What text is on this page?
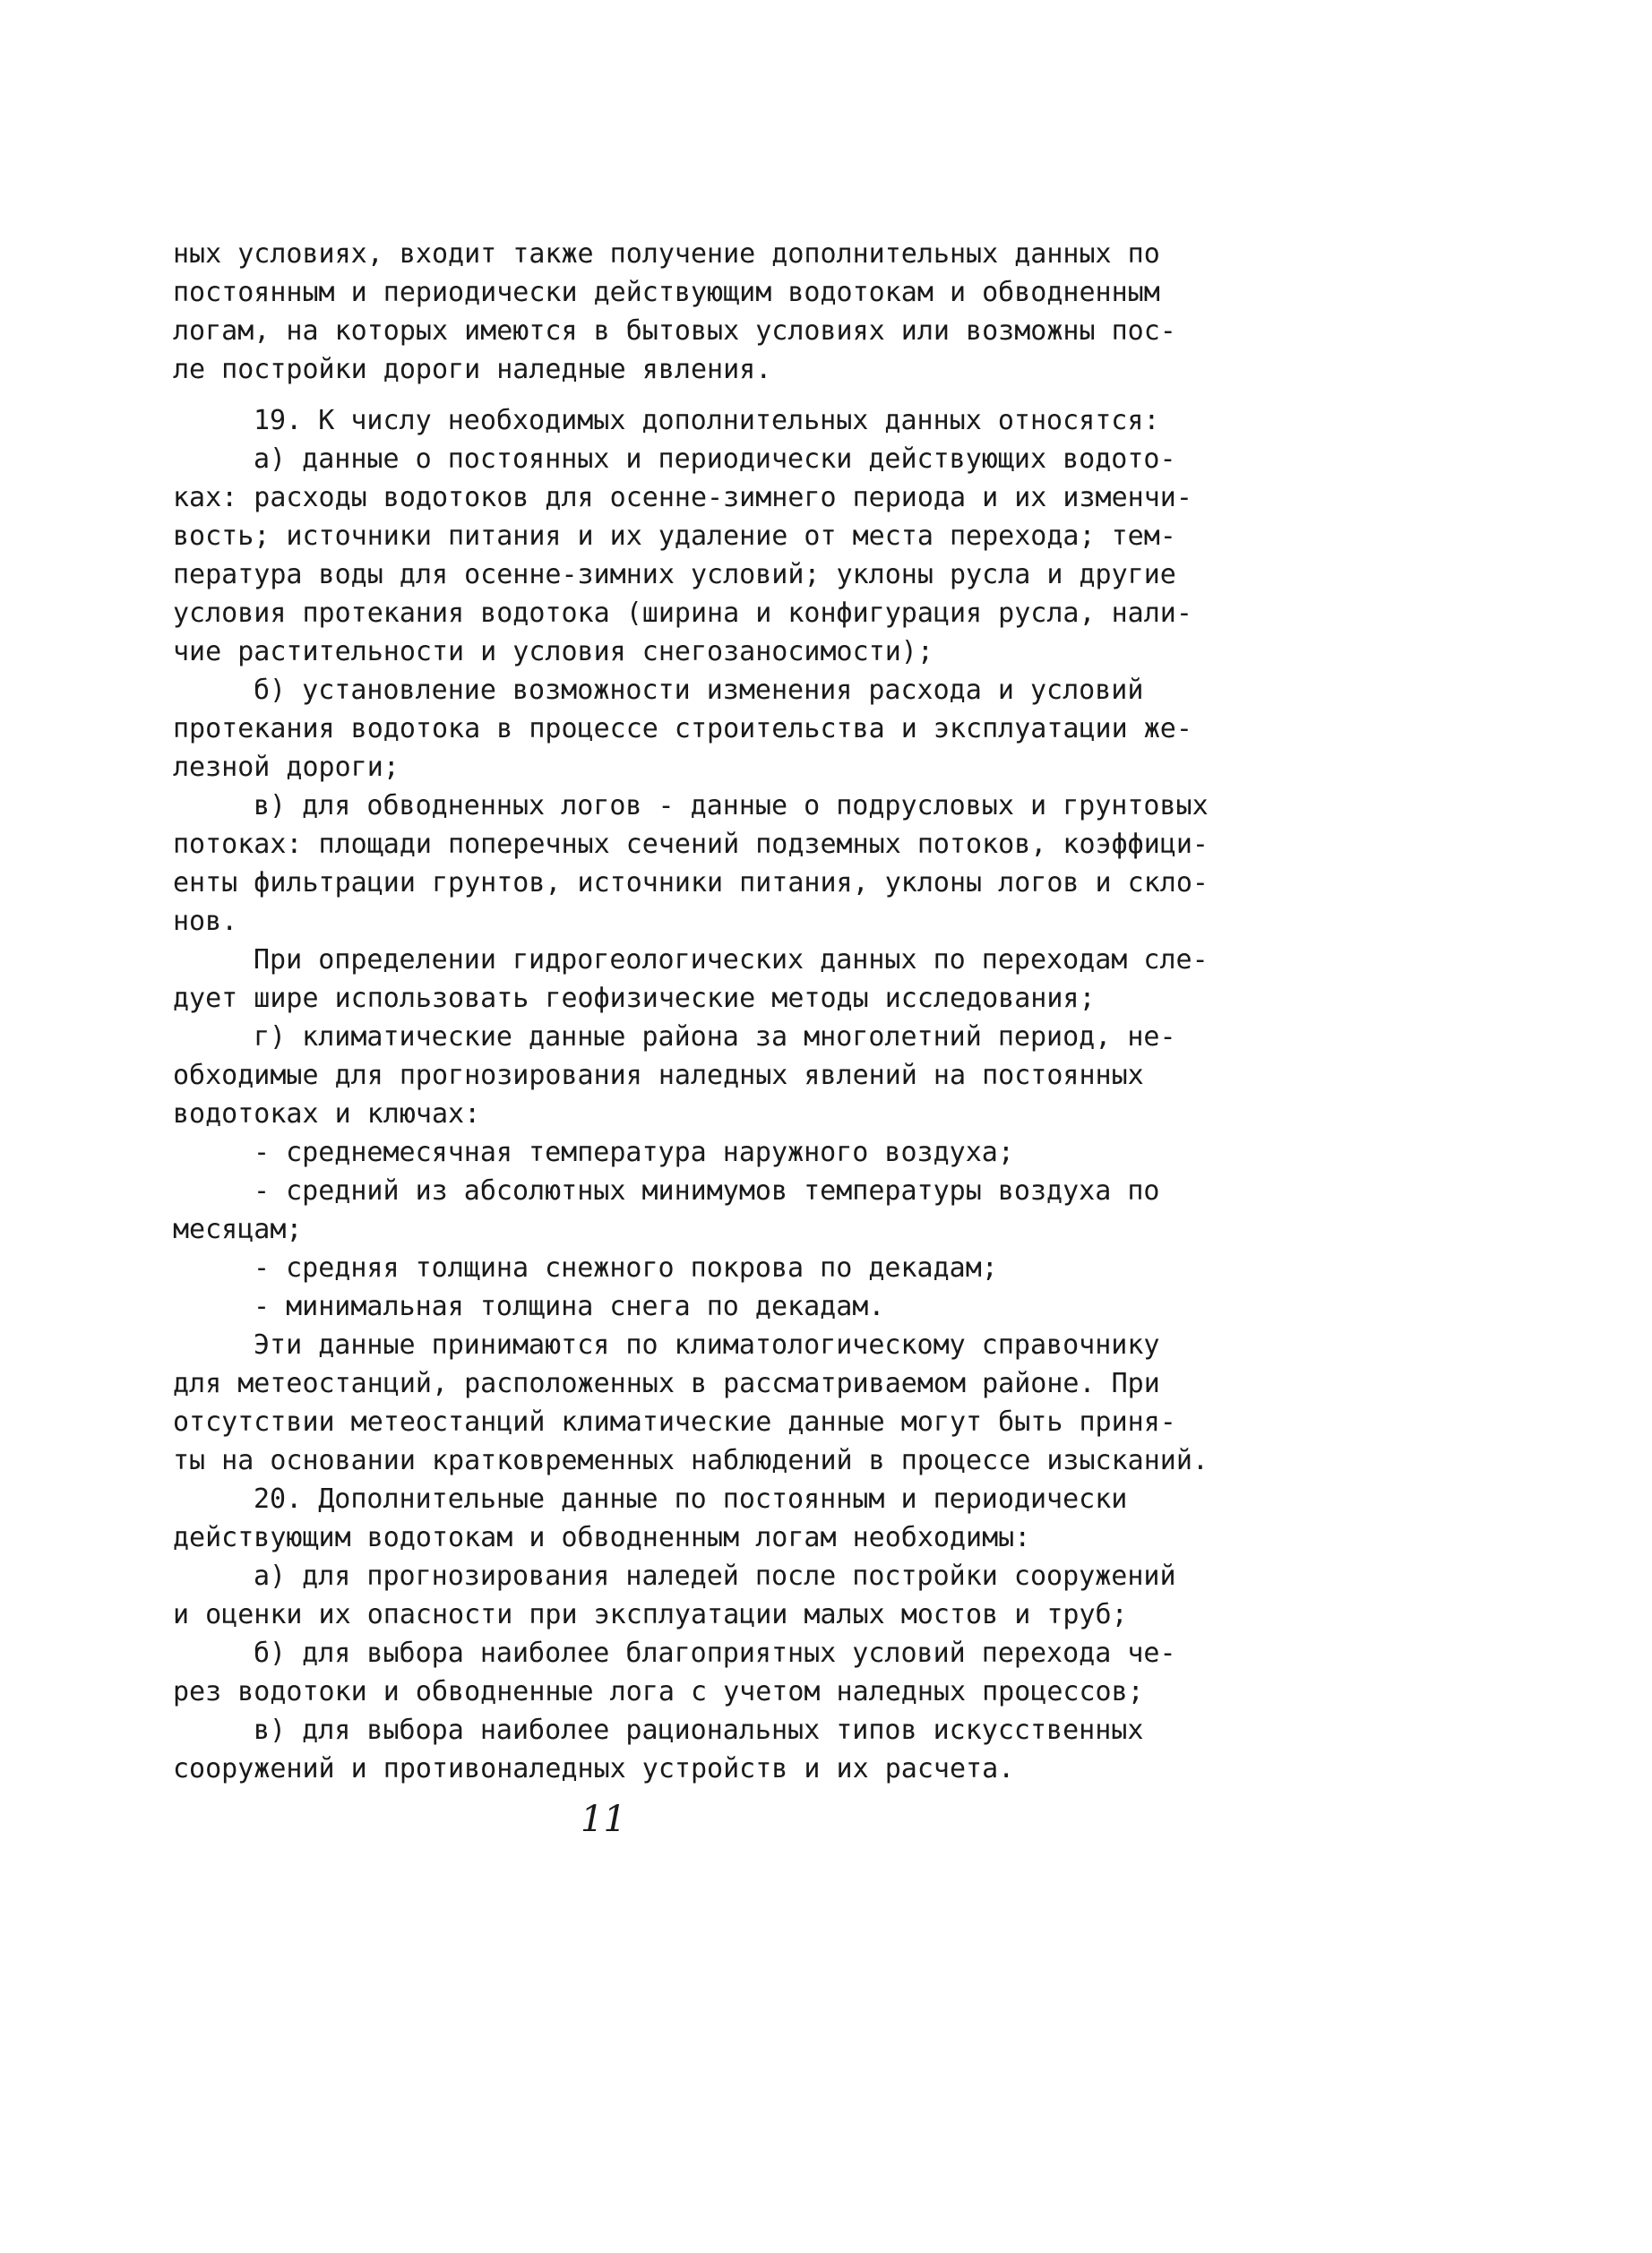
ных условиях, входит также получение дополнительных данных по
постоянным и периодически действующим водотокам и обводненным
логам, на которых имеются в бытовых условиях или возможны пос-
ле постройки дороги наледные явления.
19. К числу необходимых дополнительных данных относятся:
а) данные о постоянных и периодически действующих водото-
ках: расходы водотоков для осенне-зимнего периода и их изменчи-
вость; источники питания и их удаление от места перехода; тем-
пература воды для осенне-зимних условий; уклоны русла и другие
условия протекания водотока (ширина и конфигурация русла, нали-
чие растительности и условия снегозаносимости);
б) установление возможности изменения расхода и условий
протекания водотока в процессе строительства и эксплуатации же-
лезной дороги;
в) для обводненных логов - данные о подрусловых и грунтовых
потоках: площади поперечных сечений подземных потоков, коэффици-
енты фильтрации грунтов, источники питания, уклоны логов и скло-
нов.
При определении гидрогеологических данных по переходам сле-
дует шире использовать геофизические методы исследования;
г) климатические данные района за многолетний период, не-
обходимые для прогнозирования наледных явлений на постоянных
водотоках и ключах:
- среднемесячная температура наружного воздуха;
- средний из абсолютных минимумов температуры воздуха по
месяцам;
- средняя толщина снежного покрова по декадам;
- минимальная толщина снега по декадам.
Эти данные принимаются по климатологическому справочнику
для метеостанций, расположенных в рассматриваемом районе. При
отсутствии метеостанций климатические данные могут быть приня-
ты на основании кратковременных наблюдений в процессе изысканий.
20. Дополнительные данные по постоянным и периодически
действующим водотокам и обводненным логам необходимы:
а) для прогнозирования наледей после постройки сооружений
и оценки их опасности при эксплуатации малых мостов и труб;
б) для выбора наиболее благоприятных условий перехода че-
рез водотоки и обводненные лога с учетом наледных процессов;
в) для выбора наиболее рациональных типов искусственных
сооружений и противоналедных устройств и их расчета.
11
